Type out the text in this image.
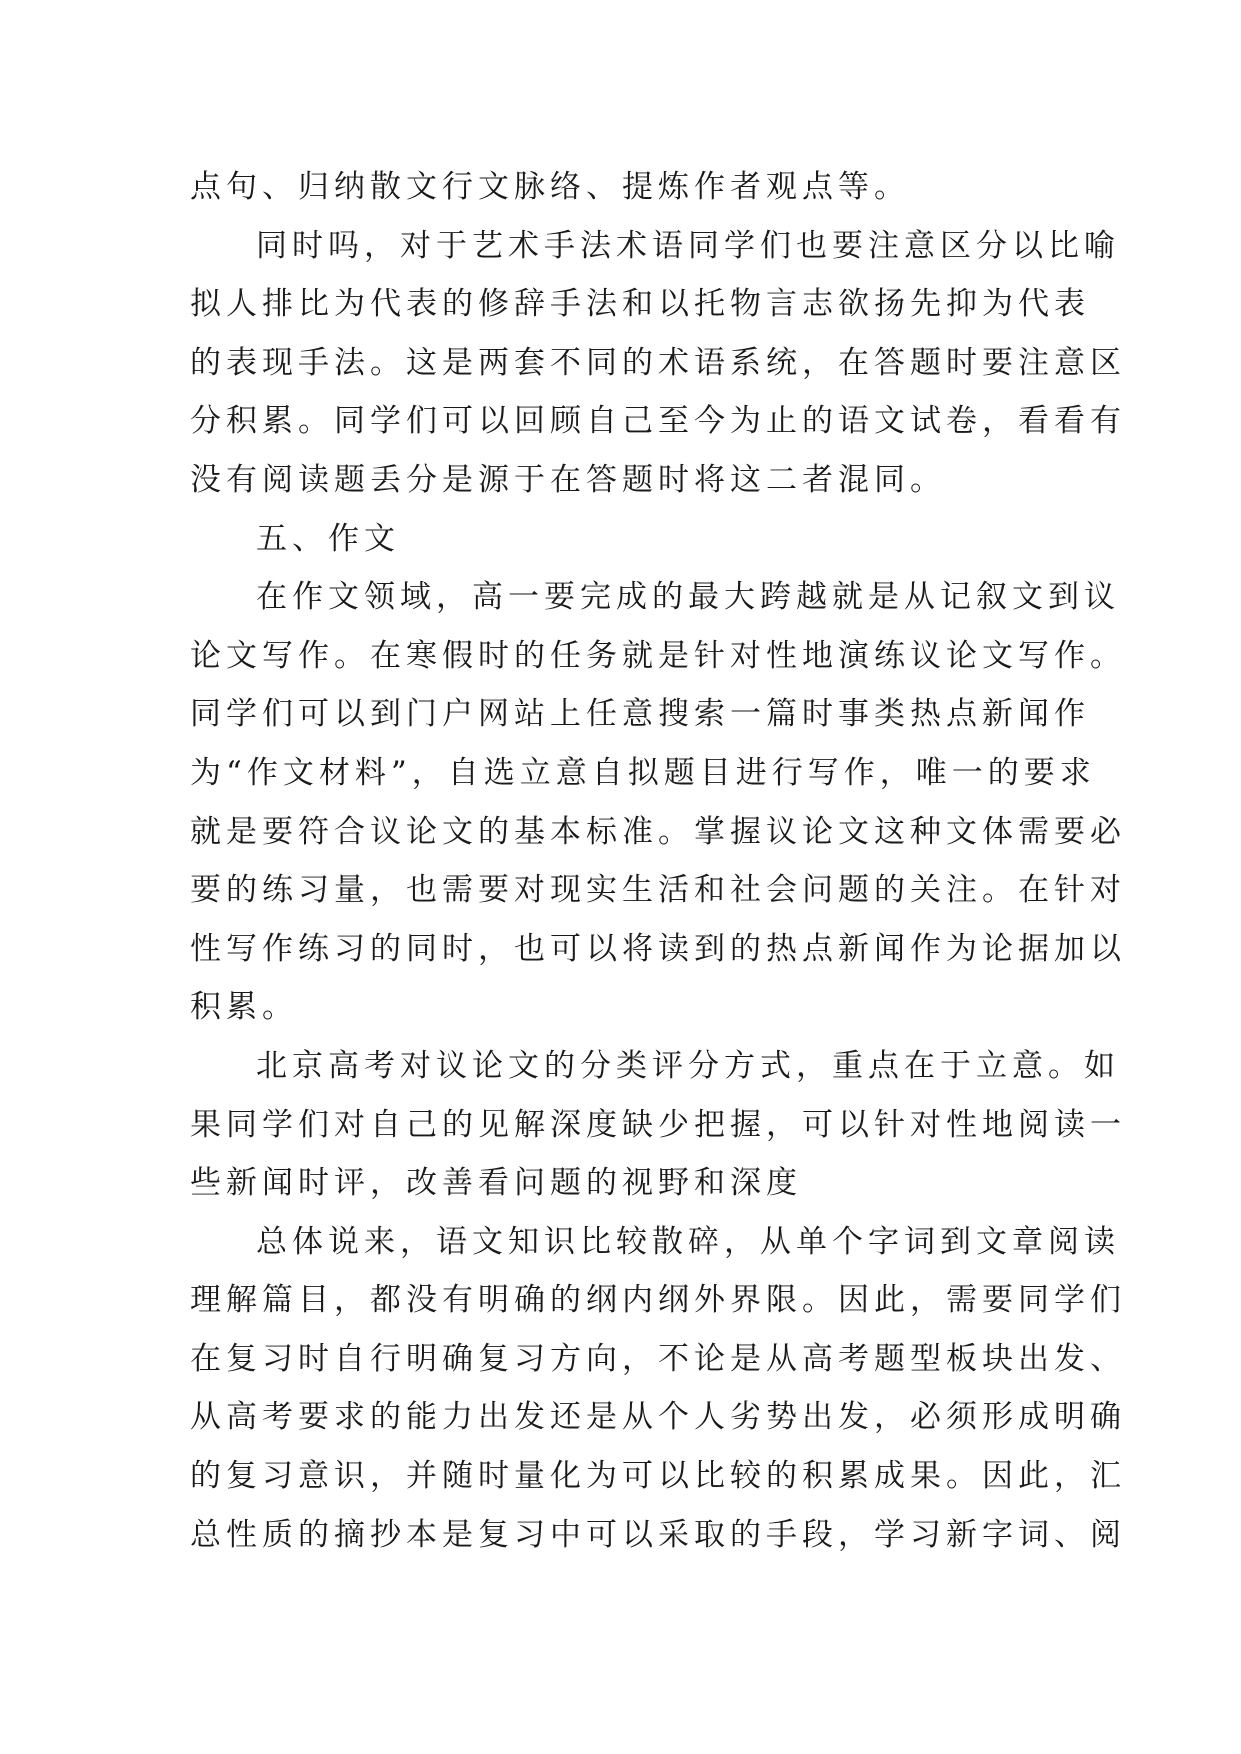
点句、归纳散文行文脉络、提炼作者观点等。
同时吗，对于艺术手法术语同学们也要注意区分以比喻
拟人排比为代表的修辞手法和以托物言志欲扬先抑为代表
的表现手法。这是两套不同的术语系统，在答题时要注意区
分积累。同学们可以回顾自己至今为止的语文试卷，看看有
没有阅读题丢分是源于在答题时将这二者混同。
五、作文
在作文领域，高一要完成的最大跨越就是从记叙文到议
论文写作。在寒假时的任务就是针对性地演练议论文写作。
同学们可以到门户网站上任意搜索一篇时事类热点新闻作
为“作文材料”，自选立意自拟题目进行写作，唯一的要求
就是要符合议论文的基本标准。掌握议论文这种文体需要必
要的练习量，也需要对现实生活和社会问题的关注。在针对
性写作练习的同时，也可以将读到的热点新闻作为论据加以
积累。
北京高考对议论文的分类评分方式，重点在于立意。如
果同学们对自己的见解深度缺少把握，可以针对性地阅读一
些新闻时评，改善看问题的视野和深度
总体说来，语文知识比较散碎，从单个字词到文章阅读
理解篇目，都没有明确的纲内纲外界限。因此，需要同学们
在复习时自行明确复习方向，不论是从高考题型板块出发、
从高考要求的能力出发还是从个人劣势出发，必须形成明确
的复习意识，并随时量化为可以比较的积累成果。因此，汇
总性质的摘抄本是复习中可以采取的手段，学习新字词、阅
